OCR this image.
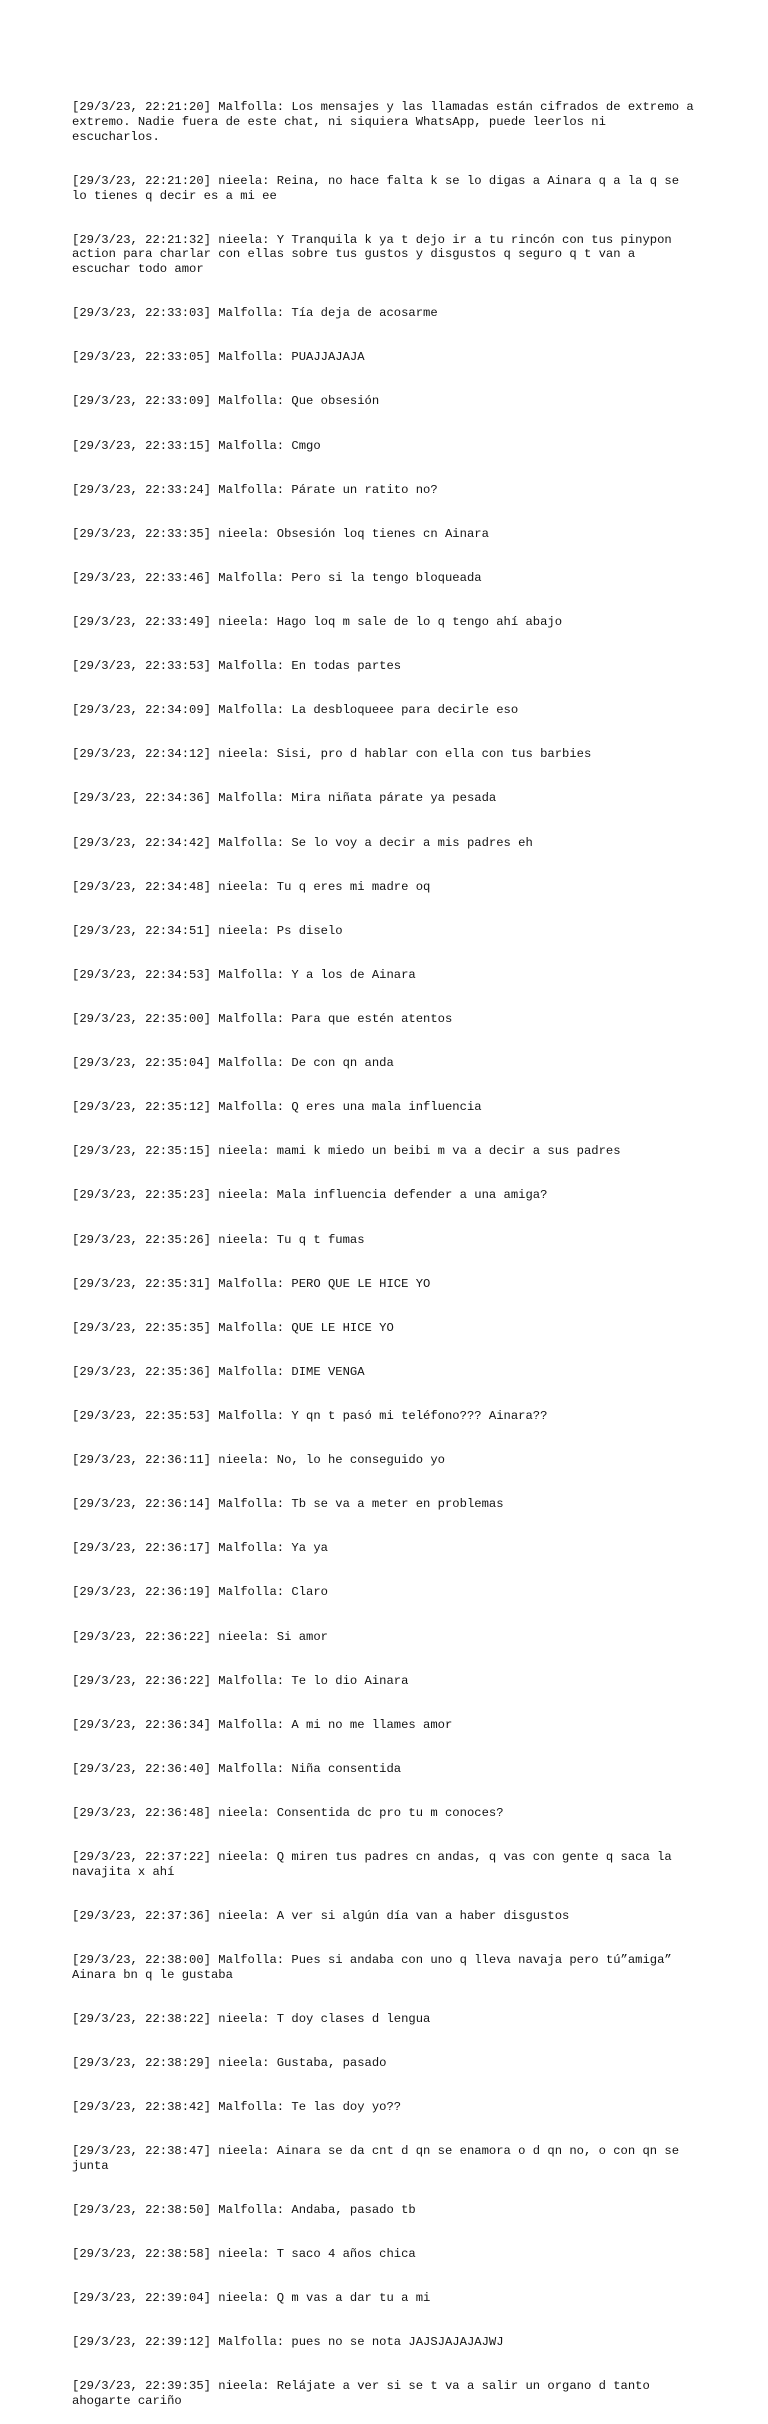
[29/3/23, 22:21:20] Malfolla: Los mensajes y las llamadas están cifrados de extremo a extremo. Nadie fuera de este chat, ni siquiera WhatsApp, puede leerlos ni escucharlos.

[29/3/23, 22:21:20] nieela: Reina, no hace falta k se lo digas a Ainara q a la q se lo tienes q decir es a mi ee

[29/3/23, 22:21:32] nieela: Y Tranquila k ya t dejo ir a tu rincón con tus pinypon action para charlar con ellas sobre tus gustos y disgustos q seguro q t van a escuchar todo amor

[29/3/23, 22:33:03] Malfolla: Tía deja de acosarme

[29/3/23, 22:33:05] Malfolla: PUAJJAJAJA

[29/3/23, 22:33:09] Malfolla: Que obsesión

[29/3/23, 22:33:15] Malfolla: Cmgo

[29/3/23, 22:33:24] Malfolla: Párate un ratito no?

[29/3/23, 22:33:35] nieela: Obsesión loq tienes cn Ainara

[29/3/23, 22:33:46] Malfolla: Pero si la tengo bloqueada

[29/3/23, 22:33:49] nieela: Hago loq m sale de lo q tengo ahí abajo

[29/3/23, 22:33:53] Malfolla: En todas partes

[29/3/23, 22:34:09] Malfolla: La desbloqueee para decirle eso

[29/3/23, 22:34:12] nieela: Sisi, pro d hablar con ella con tus barbies

[29/3/23, 22:34:36] Malfolla: Mira niñata párate ya pesada

[29/3/23, 22:34:42] Malfolla: Se lo voy a decir a mis padres eh

[29/3/23, 22:34:48] nieela: Tu q eres mi madre oq

[29/3/23, 22:34:51] nieela: Ps diselo

[29/3/23, 22:34:53] Malfolla: Y a los de Ainara

[29/3/23, 22:35:00] Malfolla: Para que estén atentos

[29/3/23, 22:35:04] Malfolla: De con qn anda

[29/3/23, 22:35:12] Malfolla: Q eres una mala influencia

[29/3/23, 22:35:15] nieela: mami k miedo un beibi m va a decir a sus padres

[29/3/23, 22:35:23] nieela: Mala influencia defender a una amiga?

[29/3/23, 22:35:26] nieela: Tu q t fumas

[29/3/23, 22:35:31] Malfolla: PERO QUE LE HICE YO

[29/3/23, 22:35:35] Malfolla: QUE LE HICE YO

[29/3/23, 22:35:36] Malfolla: DIME VENGA

[29/3/23, 22:35:53] Malfolla: Y qn t pasó mi teléfono??? Ainara??

[29/3/23, 22:36:11] nieela: No, lo he conseguido yo

[29/3/23, 22:36:14] Malfolla: Tb se va a meter en problemas

[29/3/23, 22:36:17] Malfolla: Ya ya

[29/3/23, 22:36:19] Malfolla: Claro

[29/3/23, 22:36:22] nieela: Si amor

[29/3/23, 22:36:22] Malfolla: Te lo dio Ainara

[29/3/23, 22:36:34] Malfolla: A mi no me llames amor

[29/3/23, 22:36:40] Malfolla: Niña consentida

[29/3/23, 22:36:48] nieela: Consentida dc pro tu m conoces?

[29/3/23, 22:37:22] nieela: Q miren tus padres cn andas, q vas con gente q saca la navajita x ahí

[29/3/23, 22:37:36] nieela: A ver si algún día van a haber disgustos

[29/3/23, 22:38:00] Malfolla: Pues si andaba con uno q lleva navaja pero tú”amiga” Ainara bn q le gustaba

[29/3/23, 22:38:22] nieela: T doy clases d lengua

[29/3/23, 22:38:29] nieela: Gustaba, pasado

[29/3/23, 22:38:42] Malfolla: Te las doy yo??

[29/3/23, 22:38:47] nieela: Ainara se da cnt d qn se enamora o d qn no, o con qn se junta

[29/3/23, 22:38:50] Malfolla: Andaba, pasado tb

[29/3/23, 22:38:58] nieela: T saco 4 años chica

[29/3/23, 22:39:04] nieela: Q m vas a dar tu a mi

[29/3/23, 22:39:12] Malfolla: pues no se nota JAJSJAJAJAJWJ

[29/3/23, 22:39:35] nieela: Relájate a ver si se t va a salir un organo d tanto ahogarte cariño
